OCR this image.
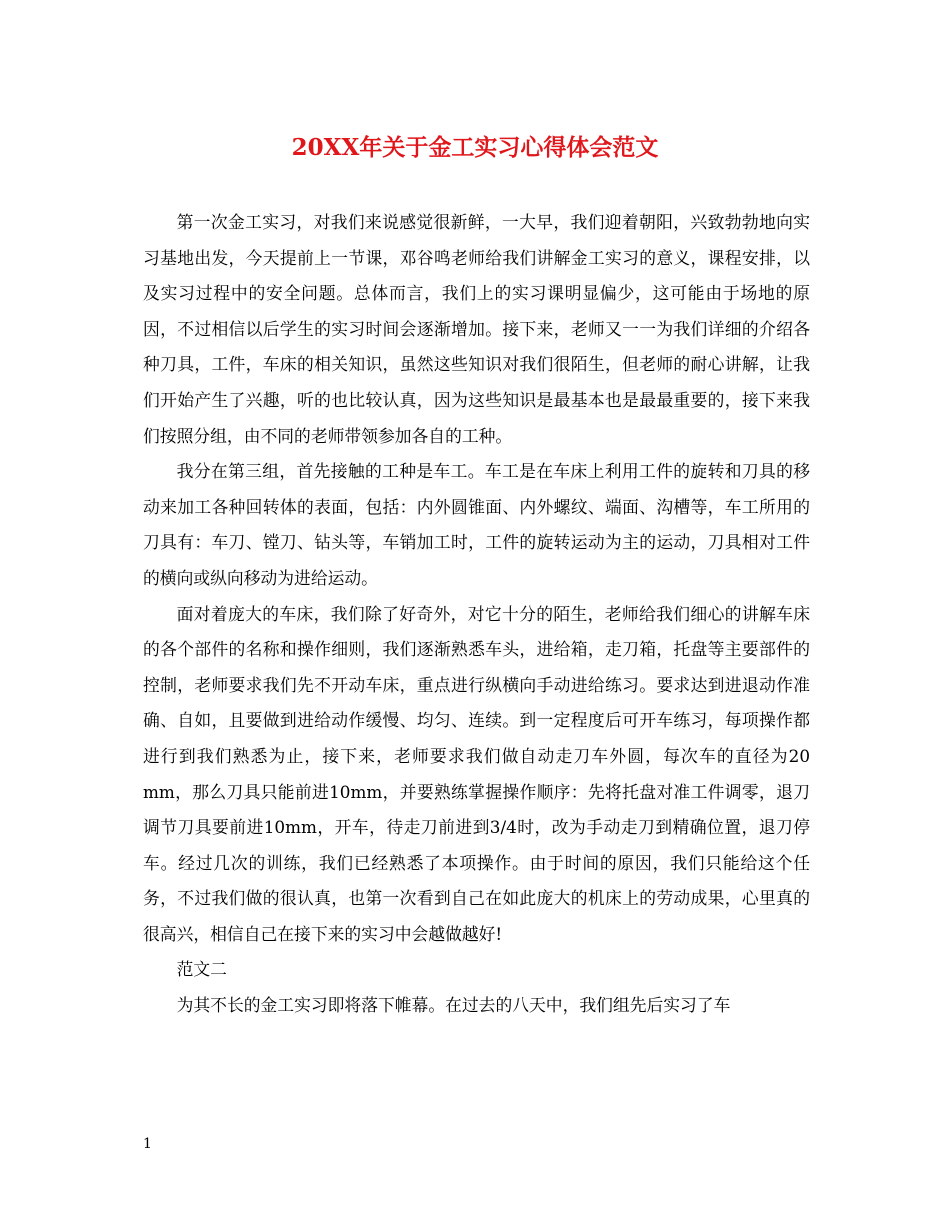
20XX年关于金工实习心得体会范文

第一次金工实习，对我们来说感觉很新鲜，一大早，我们迎着朝阳，兴致勃勃地向实习基地出发，今天提前上一节课，邓谷鸣老师给我们讲解金工实习的意义，课程安排，以及实习过程中的安全问题。总体而言，我们上的实习课明显偏少，这可能由于场地的原因，不过相信以后学生的实习时间会逐渐增加。接下来，老师又一一为我们详细的介绍各种刀具，工件，车床的相关知识，虽然这些知识对我们很陌生，但老师的耐心讲解，让我们开始产生了兴趣，听的也比较认真，因为这些知识是最基本也是最最重要的，接下来我们按照分组，由不同的老师带领参加各自的工种。

我分在第三组，首先接触的工种是车工。车工是在车床上利用工件的旋转和刀具的移动来加工各种回转体的表面，包括：内外圆锥面、内外螺纹、端面、沟槽等，车工所用的刀具有：车刀、镗刀、钻头等，车销加工时，工件的旋转运动为主的运动，刀具相对工件的横向或纵向移动为进给运动。

面对着庞大的车床，我们除了好奇外，对它十分的陌生，老师给我们细心的讲解车床的各个部件的名称和操作细则，我们逐渐熟悉车头，进给箱，走刀箱，托盘等主要部件的控制，老师要求我们先不开动车床，重点进行纵横向手动进给练习。要求达到进退动作准确、自如，且要做到进给动作缓慢、均匀、连续。到一定程度后可开车练习，每项操作都进行到我们熟悉为止，接下来，老师要求我们做自动走刀车外圆，每次车的直径为20 mm，那么刀具只能前进10mm，并要熟练掌握操作顺序：先将托盘对准工件调零，退刀调节刀具要前进10mm，开车，待走刀前进到3/4时，改为手动走刀到精确位置，退刀停车。经过几次的训练，我们已经熟悉了本项操作。由于时间的原因，我们只能给这个任务，不过我们做的很认真，也第一次看到自己在如此庞大的机床上的劳动成果，心里真的很高兴，相信自己在接下来的实习中会越做越好!

范文二

为其不长的金工实习即将落下帷幕。在过去的八天中，我们组先后实习了车

1
